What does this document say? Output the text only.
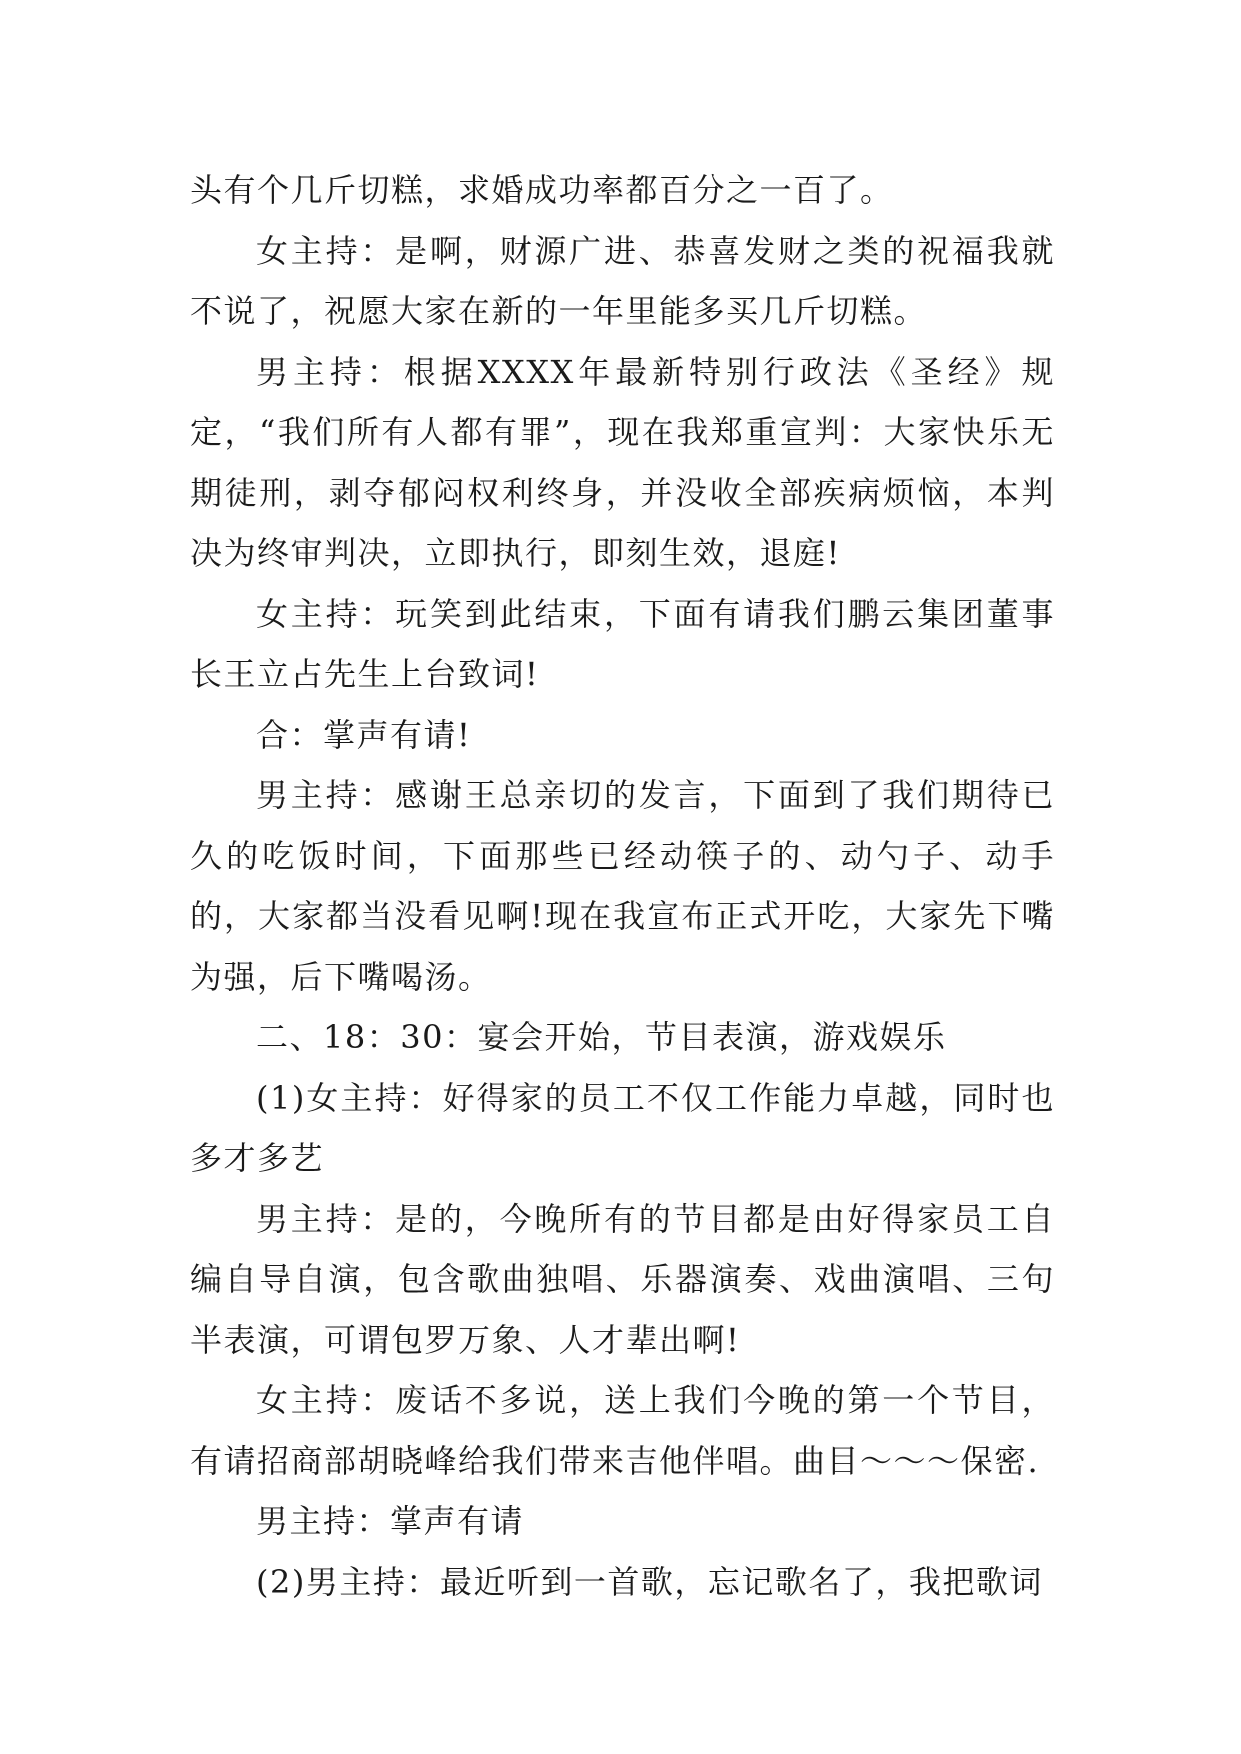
头有个几斤切糕，求婚成功率都百分之一百了。

女主持：是啊，财源广进、恭喜发财之类的祝福我就不说了，祝愿大家在新的一年里能多买几斤切糕。

男主持：根据XXXX年最新特别行政法《圣经》规定，“我们所有人都有罪”，现在我郑重宣判：大家快乐无期徒刑，剥夺郁闷权利终身，并没收全部疾病烦恼，本判决为终审判决，立即执行，即刻生效，退庭!

女主持：玩笑到此结束，下面有请我们鹏云集团董事长王立占先生上台致词!

合：掌声有请!

男主持：感谢王总亲切的发言，下面到了我们期待已久的吃饭时间，下面那些已经动筷子的、动勺子、动手的，大家都当没看见啊!现在我宣布正式开吃，大家先下嘴为强，后下嘴喝汤。

二、18：30：宴会开始，节目表演，游戏娱乐

(1)女主持：好得家的员工不仅工作能力卓越，同时也多才多艺

男主持：是的，今晚所有的节目都是由好得家员工自编自导自演，包含歌曲独唱、乐器演奏、戏曲演唱、三句半表演，可谓包罗万象、人才辈出啊!

女主持：废话不多说，送上我们今晚的第一个节目，有请招商部胡晓峰给我们带来吉他伴唱。曲目～～～保密.

男主持：掌声有请

(2)男主持：最近听到一首歌，忘记歌名了，我把歌词
